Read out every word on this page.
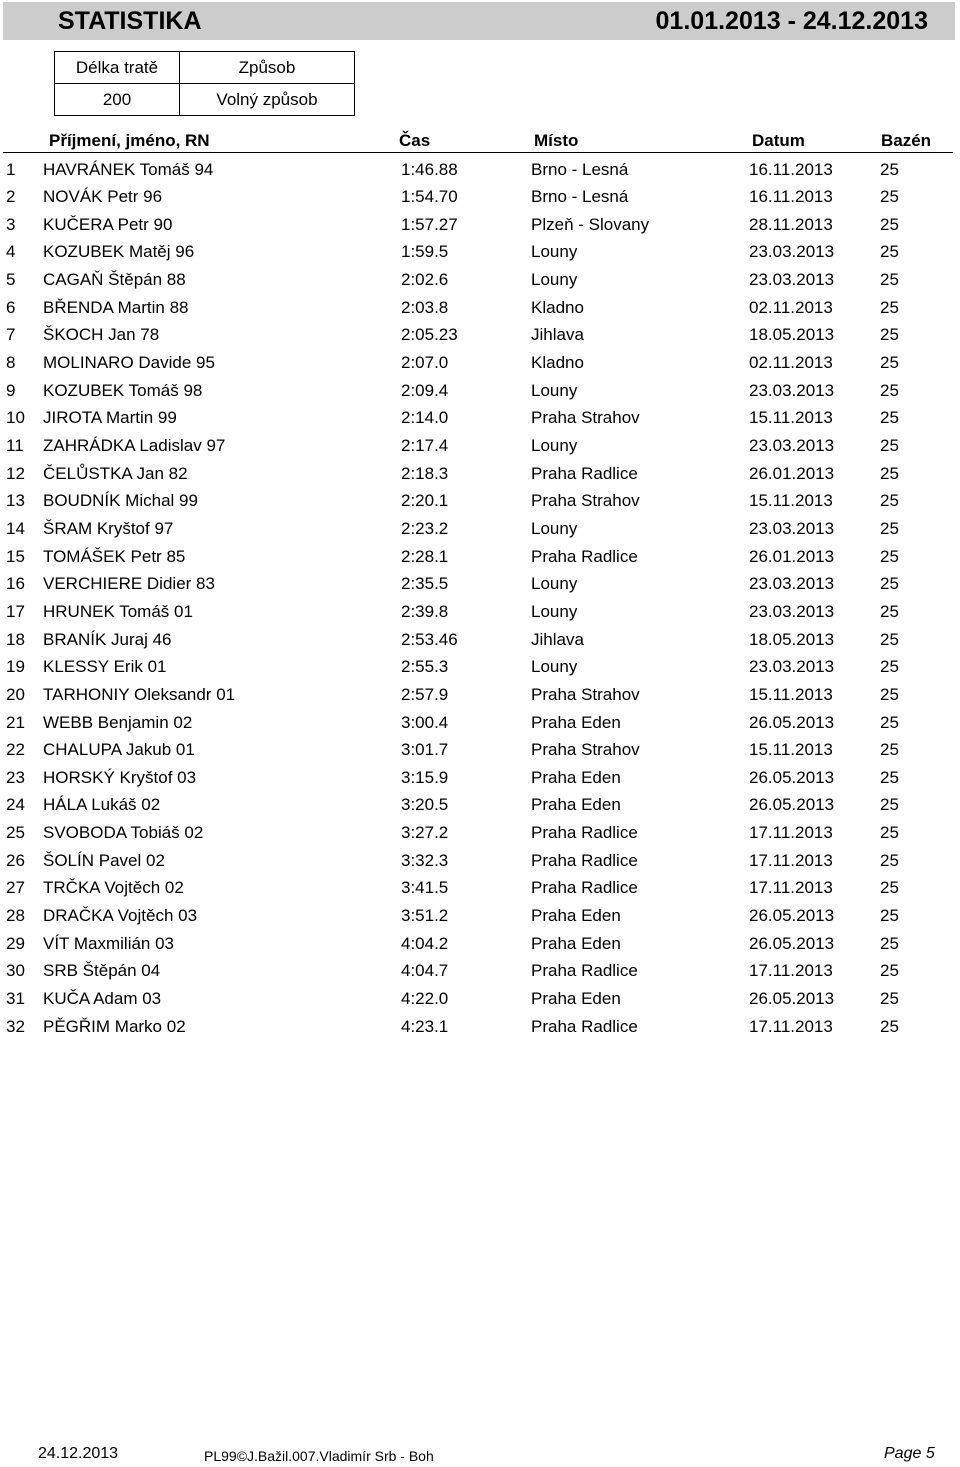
STATISTIKA	01.01.2013 - 24.12.2013
Délka tratě	Způsob
200	Volný způsob
Příjmení, jméno, RN	Čas	Místo	Datum	Bazén
1 HAVRÁNEK Tomáš 94	1:46.88	Brno - Lesná	16.11.2013	25
2 NOVÁK Petr 96	1:54.70	Brno - Lesná	16.11.2013	25
3 KUČERA Petr 90	1:57.27	Plzeň - Slovany	28.11.2013	25
4 KOZUBEK Matěj 96	1:59.5	Louny	23.03.2013	25
5 CAGAŇ Štěpán 88	2:02.6	Louny	23.03.2013	25
6 BŘENDA Martin 88	2:03.8	Kladno	02.11.2013	25
7 ŠKOCH Jan 78	2:05.23	Jihlava	18.05.2013	25
8 MOLINARO Davide 95	2:07.0	Kladno	02.11.2013	25
9 KOZUBEK Tomáš 98	2:09.4	Louny	23.03.2013	25
10 JIROTA Martin 99	2:14.0	Praha Strahov	15.11.2013	25
11 ZAHRÁDKA Ladislav 97	2:17.4	Louny	23.03.2013	25
12 ČELŮSTKA Jan 82	2:18.3	Praha Radlice	26.01.2013	25
13 BOUDNÍK Michal 99	2:20.1	Praha Strahov	15.11.2013	25
14 ŠRAM Kryštof 97	2:23.2	Louny	23.03.2013	25
15 TOMÁŠEK Petr 85	2:28.1	Praha Radlice	26.01.2013	25
16 VERCHIERE Didier 83	2:35.5	Louny	23.03.2013	25
17 HRUNEK Tomáš 01	2:39.8	Louny	23.03.2013	25
18 BRANÍK Juraj 46	2:53.46	Jihlava	18.05.2013	25
19 KLESSY Erik 01	2:55.3	Louny	23.03.2013	25
20 TARHONIY Oleksandr 01	2:57.9	Praha Strahov	15.11.2013	25
21 WEBB Benjamin 02	3:00.4	Praha Eden	26.05.2013	25
22 CHALUPA Jakub 01	3:01.7	Praha Strahov	15.11.2013	25
23 HORSKÝ Kryštof 03	3:15.9	Praha Eden	26.05.2013	25
24 HÁLA Lukáš 02	3:20.5	Praha Eden	26.05.2013	25
25 SVOBODA Tobiáš 02	3:27.2	Praha Radlice	17.11.2013	25
26 ŠOLÍN Pavel 02	3:32.3	Praha Radlice	17.11.2013	25
27 TRČKA Vojtěch 02	3:41.5	Praha Radlice	17.11.2013	25
28 DRAČKA Vojtěch 03	3:51.2	Praha Eden	26.05.2013	25
29 VÍT Maxmilián 03	4:04.2	Praha Eden	26.05.2013	25
30 SRB Štěpán 04	4:04.7	Praha Radlice	17.11.2013	25
31 KUČA Adam 03	4:22.0	Praha Eden	26.05.2013	25
32 PĚGŘIM Marko 02	4:23.1	Praha Radlice	17.11.2013	25
24.12.2013	PL99©J.Bažil.007.Vladimír Srb - Boh	Page 5
